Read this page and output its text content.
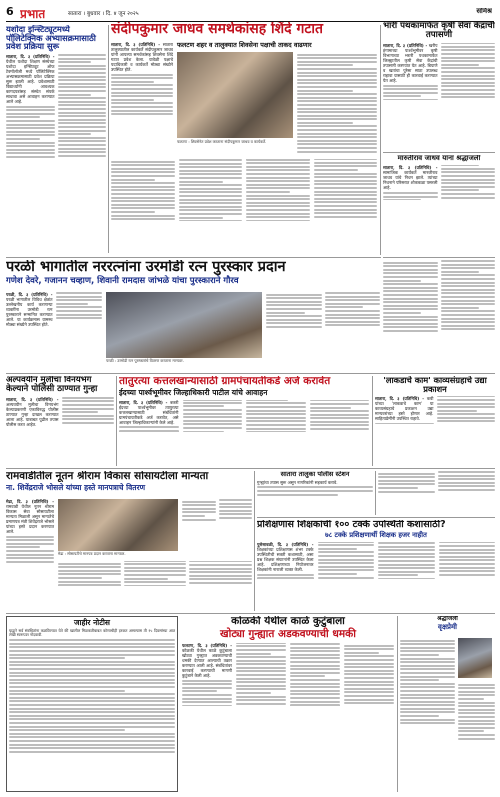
6 प्रभात	सातारा । बुधवार । दि. ४ जून २०२५	संमिश्र
यशोदा इन्स्टिट्यूटमध्ये पॉलिटेक्निक अभ्यासक्रमासाठी प्रवेश प्रक्रिया सुरू

सातारा, दि. ३ (प्रतिनिधि) - येथील यशोदा शिक्षण संस्थेच्या यशोदा इन्स्टिट्यूट ऑफ टेक्नॉलॉजी मध्ये पॉलिटेक्निक अभ्यासक्रमासाठी प्रवेश प्रक्रिया सुरू झाली आहे. प्रवेशासाठी विद्यार्थ्यांनी आवश्यक कागदपत्रांसह संस्थेत संपर्क साधावा असे आवाहन करण्यात आले आहे.

संदीपकुमार जाधव समर्थकांसह शिंदे गटात

सातारा, दि. ३ (प्रतिनिधि) - सातारा तालुक्यातील कार्यकर्ते संदीपकुमार जाधव यांनी आपल्या समर्थकांसह शिवसेना शिंदे गटात प्रवेश केला. यावेळी पक्षाचे पदाधिकारी व कार्यकर्ते मोठ्या संख्येने उपस्थित होते.

फलटण शहर व तालुक्यात शिवसेना पक्षाची ताकद वाढणार
फलटण : शिवसेनेत प्रवेश करताना संदीपकुमार जाधव व कार्यकर्ते.
भारी पथकामार्फत कृषी सेवा केंद्रांची तपासणी

सातारा, दि. ३ (प्रतिनिधि) - खरीप हंगामाच्या पार्श्वभूमीवर कृषी विभागाच्या भरारी पथकामार्फत जिल्ह्यातील कृषी सेवा केंद्रांची तपासणी करण्यात येत आहे. बियाणे व खतांचा पुरेसा साठा उपलब्ध राहावा यासाठी ही कारवाई करण्यात येत आहे.

मारुतीराव जाधव यांना श्रद्धांजली

सातारा, दि. ३ (प्रतिनिधि) - सामाजिक कार्यकर्ते मारुतीराव जाधव यांचे निधन झाले. त्यांच्या निधनाने परिसरात शोककळा पसरली आहे.

परळी भागातील नररत्नांना उरमोडी रत्न पुरस्कार प्रदान
गणेश देवरे, गजानन चव्हाण, शिवानी रामदास जांभळे यांचा पुरस्काराने गौरव

परळी, दि. ३ (प्रतिनिधि) - परळी भागातील विविध क्षेत्रांत उल्लेखनीय कार्य करणाऱ्या व्यक्तींना उरमोडी रत्न पुरस्काराने सन्मानित करण्यात आले. या कार्यक्रमास ग्रामस्थ मोठ्या संख्येने उपस्थित होते.

परळी : उरमोडी रत्न पुरस्कारांचे वितरण करताना मान्यवर.
अल्पवयीन मुलीचा विनयभंग केल्याने पोलिसी ठाण्यात गुन्हा

सातारा, दि. ३ (प्रतिनिधि) - अल्पवयीन मुलीचा विनयभंग केल्याप्रकरणी एकाविरुद्ध पोलीस ठाण्यात गुन्हा दाखल करण्यात आला आहे. याबाबत पुढील तपास पोलीस करत आहेत.

तातुरत्या कत्तलखान्यासाठी ग्रामपंचायतीकडे अर्ज करावेत
ईदच्या पार्श्वभूमीवर जिल्हाधिकारी पाटील यांचे आवाहन

सातारा, दि. ३ (प्रतिनिधि) - बकरी ईदच्या पार्श्वभूमीवर तात्पुरत्या कत्तलखान्यासाठी संबंधितांनी ग्रामपंचायतीकडे अर्ज करावेत, असे आवाहन जिल्हाधिकाऱ्यांनी केले आहे.

'लाकडाचे काम' काव्यसंग्रहाचे उद्या प्रकाशन

सातारा, दि. ३ (प्रतिनिधि) - कवी यांच्या 'लाकडाचे काम' या काव्यसंग्रहाचे प्रकाशन उद्या मान्यवरांच्या हस्ते होणार आहे. साहित्यप्रेमींनी उपस्थित राहावे.

रामवाडीतील नूतन श्रीराम विकास सोसायटीला मान्यता
ना. शिवेंद्रराजे भोसले यांच्या हस्ते मानपत्राचे वितरण

मेढा, दि. ३ (प्रतिनिधि) - रामवाडी येथील नूतन श्रीराम विकास सेवा सोसायटीला मान्यता मिळाली असून मान्यतेचे प्रमाणपत्र मंत्री शिवेंद्रराजे भोसले यांच्या हस्ते प्रदान करण्यात आले.

मेढा : सोसायटीचे मानपत्र प्रदान करताना मान्यवर.
सातारा तालुका पोलीस स्टेशन

गुन्ह्यांचा तपास सुरू असून नागरिकांनी सहकार्य करावे.

प्रशिक्षणास शिक्षकांची १०० टक्के उपस्थिती कशासाठी?
७८ टक्के प्रशिक्षणार्थी शिक्षक हजर नाहीत

पुसेसावळी, दि. ३ (प्रतिनिधि) - शिक्षकांच्या प्रशिक्षणास शंभर टक्के उपस्थितीची सक्ती कशासाठी, असा प्रश्न शिक्षक संघटनांनी उपस्थित केला आहे. प्रशिक्षणाच्या नियोजनावर शिक्षकांनी नाराजी व्यक्त केली.

जाहीर नोटीस

याद्वारे सर्व संबंधितांना कळविण्यात येते की खालील मिळकतीबाबत कोणाचीही हरकत असल्यास ती १५ दिवसांच्या आत लेखी स्वरूपात नोंदवावी.

कोळकी येथील काळे कुटुंबाला
खोट्या गुन्ह्यात अडकवण्याची धमकी

फलटण, दि. ३ (प्रतिनिधि) - कोळकी येथील काळे कुटुंबाला खोट्या गुन्ह्यात अडकवण्याची धमकी देण्यात आल्याची तक्रार करण्यात आली आहे. संबंधितांवर कारवाई करण्याची मागणी कुटुंबाने केली आहे.

श्रद्धांजली
वृक्षप्रेमी
